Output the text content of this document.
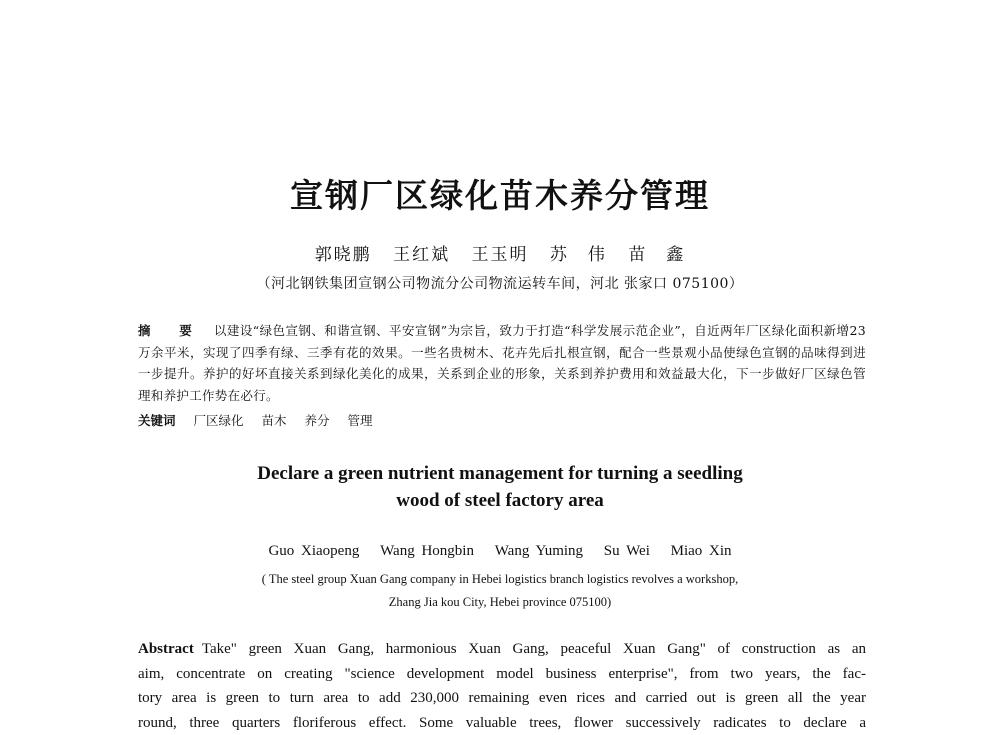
宣钢厂区绿化苗木养分管理
郭晓鹏 王红斌 王玉明 苏　伟 苗　鑫
（河北钢铁集团宣钢公司物流分公司物流运转车间，河北 张家口 075100）
摘　要 以建设“绿色宣钢、和谐宣钢、平安宣钢”为宗旨，致力于打造“科学发展示范企业”，自近两年厂区绿化面积新增23万余平米，实现了四季有绿、三季有花的效果。一些名贵树木、花卉先后扎根宣钢，配合一些景观小品使绿色宣钢的品味得到进一步提升。养护的好坏直接关系到绿化美化的成果，关系到企业的形象，关系到养护费用和效益最大化，下一步做好厂区绿色管理和养护工作势在必行。
关键词 厂区绿化 苗木 养分 管理
Declare a green nutrient management for turning a seedling
wood of steel factory area
Guo Xiaopeng Wang Hongbin Wang Yuming Su Wei Miao Xin
( The steel group Xuan Gang company in Hebei logistics branch logistics revolves a workshop,
Zhang Jia kou City, Hebei province 075100)
Abstract Take" green Xuan Gang, harmonious Xuan Gang, peaceful Xuan Gang" of construction as an
aim, concentrate on creating "science development model business enterprise", from two years, the fac-
tory area is green to turn area to add 230,000 remaining even rices and carried out is green all the year
round, three quarters floriferous effect. Some valuable trees, flower successively radicates to declare a
